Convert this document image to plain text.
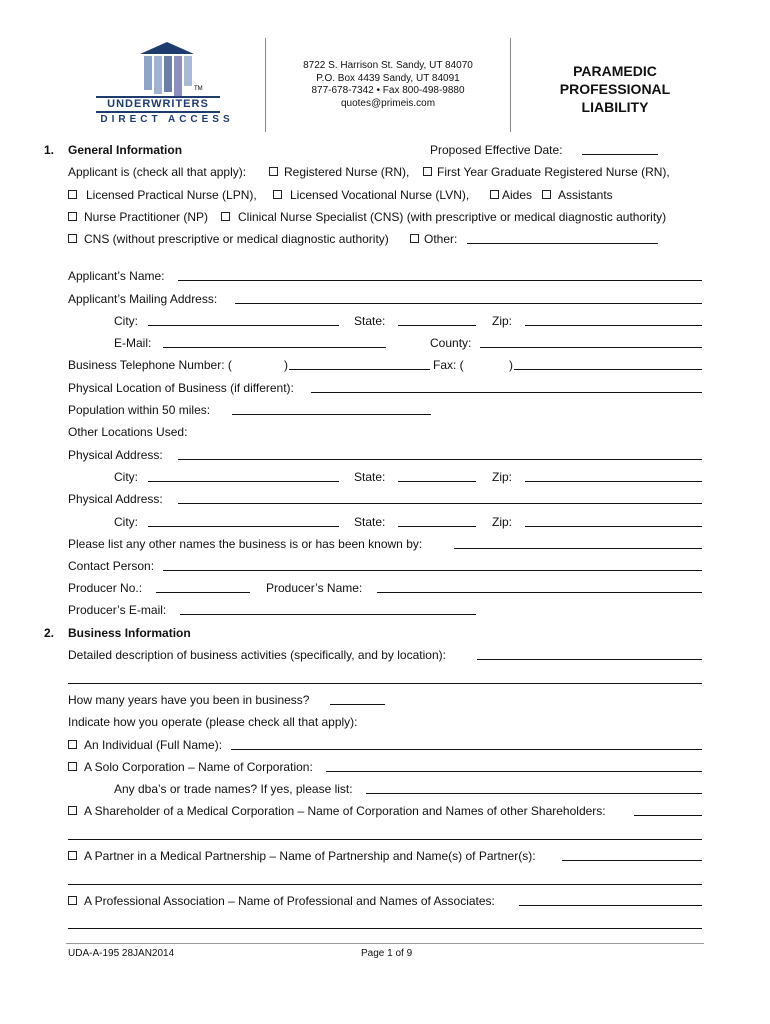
TM
UNDERWRITERS
DIRECT ACCESS
8722 S. Harrison St. Sandy, UT 84070
P.O. Box 4439 Sandy, UT 84091
877-678-7342 • Fax 800-498-9880
quotes@primeis.com
PARAMEDIC
PROFESSIONAL
LIABILITY
1. General Information	Proposed Effective Date:
Applicant is (check all that apply):	Registered Nurse (RN), First Year Graduate Registered Nurse (RN),
Licensed Practical Nurse (LPN),	Licensed Vocational Nurse (LVN),	Aides Assistants
Nurse Practitioner (NP) Clinical Nurse Specialist (CNS) (with prescriptive or medical diagnostic authority)
CNS (without prescriptive or medical diagnostic authority)	Other:
Applicant’s Name:
Applicant’s Mailing Address:
City:	State:	Zip:
E-Mail:	County:
Business Telephone Number: (	)	Fax: (	)
Physical Location of Business (if different):
Population within 50 miles:
Other Locations Used:
Physical Address:
City:	State:	Zip:
Physical Address:
City:	State:	Zip:
Please list any other names the business is or has been known by:
Contact Person:
Producer No.:	Producer’s Name:
Producer’s E-mail:
2. Business Information
Detailed description of business activities (specifically, and by location):
How many years have you been in business?
Indicate how you operate (please check all that apply):
An Individual (Full Name):
A Solo Corporation – Name of Corporation:
Any dba’s or trade names? If yes, please list:
A Shareholder of a Medical Corporation – Name of Corporation and Names of other Shareholders:
A Partner in a Medical Partnership – Name of Partnership and Name(s) of Partner(s):
A Professional Association – Name of Professional and Names of Associates:
UDA-A-195 28JAN2014	Page 1 of 9
